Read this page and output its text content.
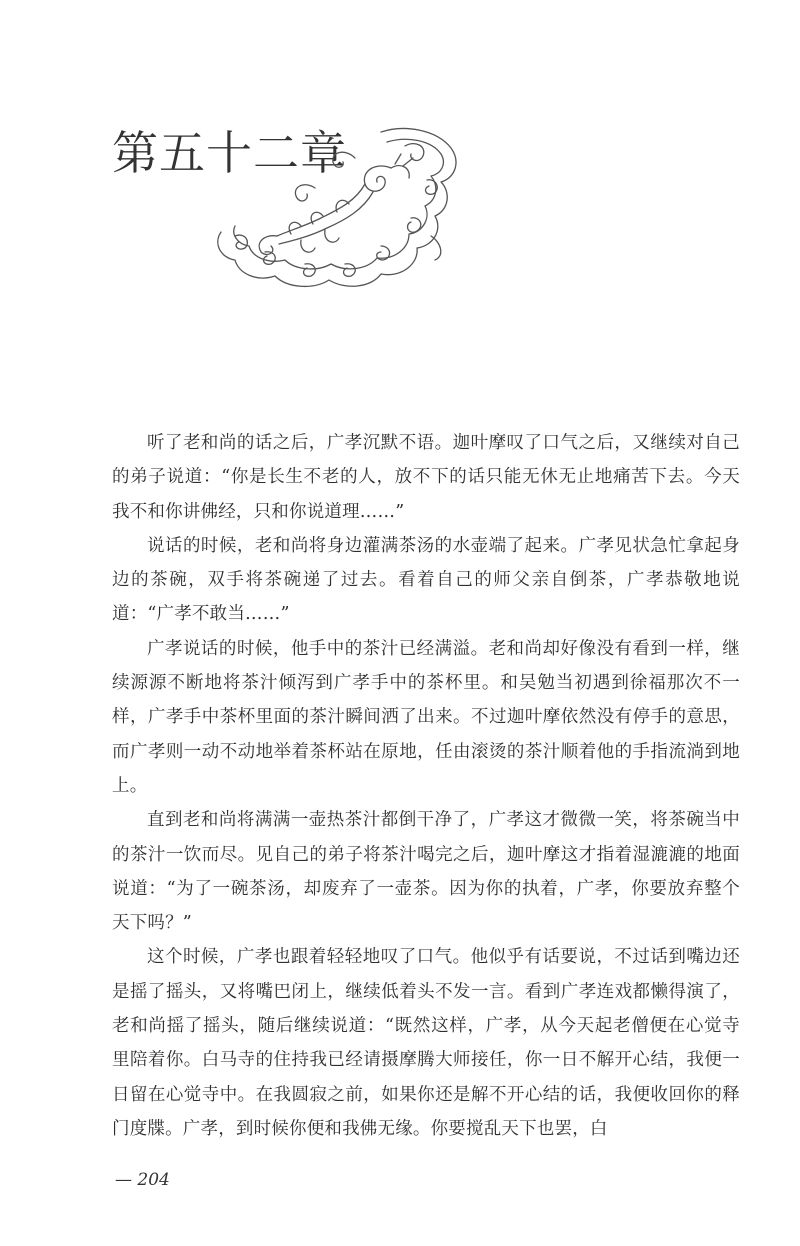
第五十二章

听了老和尚的话之后，广孝沉默不语。迦叶摩叹了口气之后，又继续对自己的弟子说道：“你是长生不老的人，放不下的话只能无休无止地痛苦下去。今天我不和你讲佛经，只和你说道理……”

说话的时候，老和尚将身边灌满茶汤的水壶端了起来。广孝见状急忙拿起身边的茶碗，双手将茶碗递了过去。看着自己的师父亲自倒茶，广孝恭敬地说道：“广孝不敢当……”

广孝说话的时候，他手中的茶汁已经满溢。老和尚却好像没有看到一样，继续源源不断地将茶汁倾泻到广孝手中的茶杯里。和吴勉当初遇到徐福那次不一样，广孝手中茶杯里面的茶汁瞬间洒了出来。不过迦叶摩依然没有停手的意思，而广孝则一动不动地举着茶杯站在原地，任由滚烫的茶汁顺着他的手指流淌到地上。

直到老和尚将满满一壶热茶汁都倒干净了，广孝这才微微一笑，将茶碗当中的茶汁一饮而尽。见自己的弟子将茶汁喝完之后，迦叶摩这才指着湿漉漉的地面说道：“为了一碗茶汤，却废弃了一壶茶。因为你的执着，广孝，你要放弃整个天下吗？”

这个时候，广孝也跟着轻轻地叹了口气。他似乎有话要说，不过话到嘴边还是摇了摇头，又将嘴巴闭上，继续低着头不发一言。看到广孝连戏都懒得演了，老和尚摇了摇头，随后继续说道：“既然这样，广孝，从今天起老僧便在心觉寺里陪着你。白马寺的住持我已经请摄摩腾大师接任，你一日不解开心结，我便一日留在心觉寺中。在我圆寂之前，如果你还是解不开心结的话，我便收回你的释门度牒。广孝，到时候你便和我佛无缘。你要搅乱天下也罢，白

— 204
